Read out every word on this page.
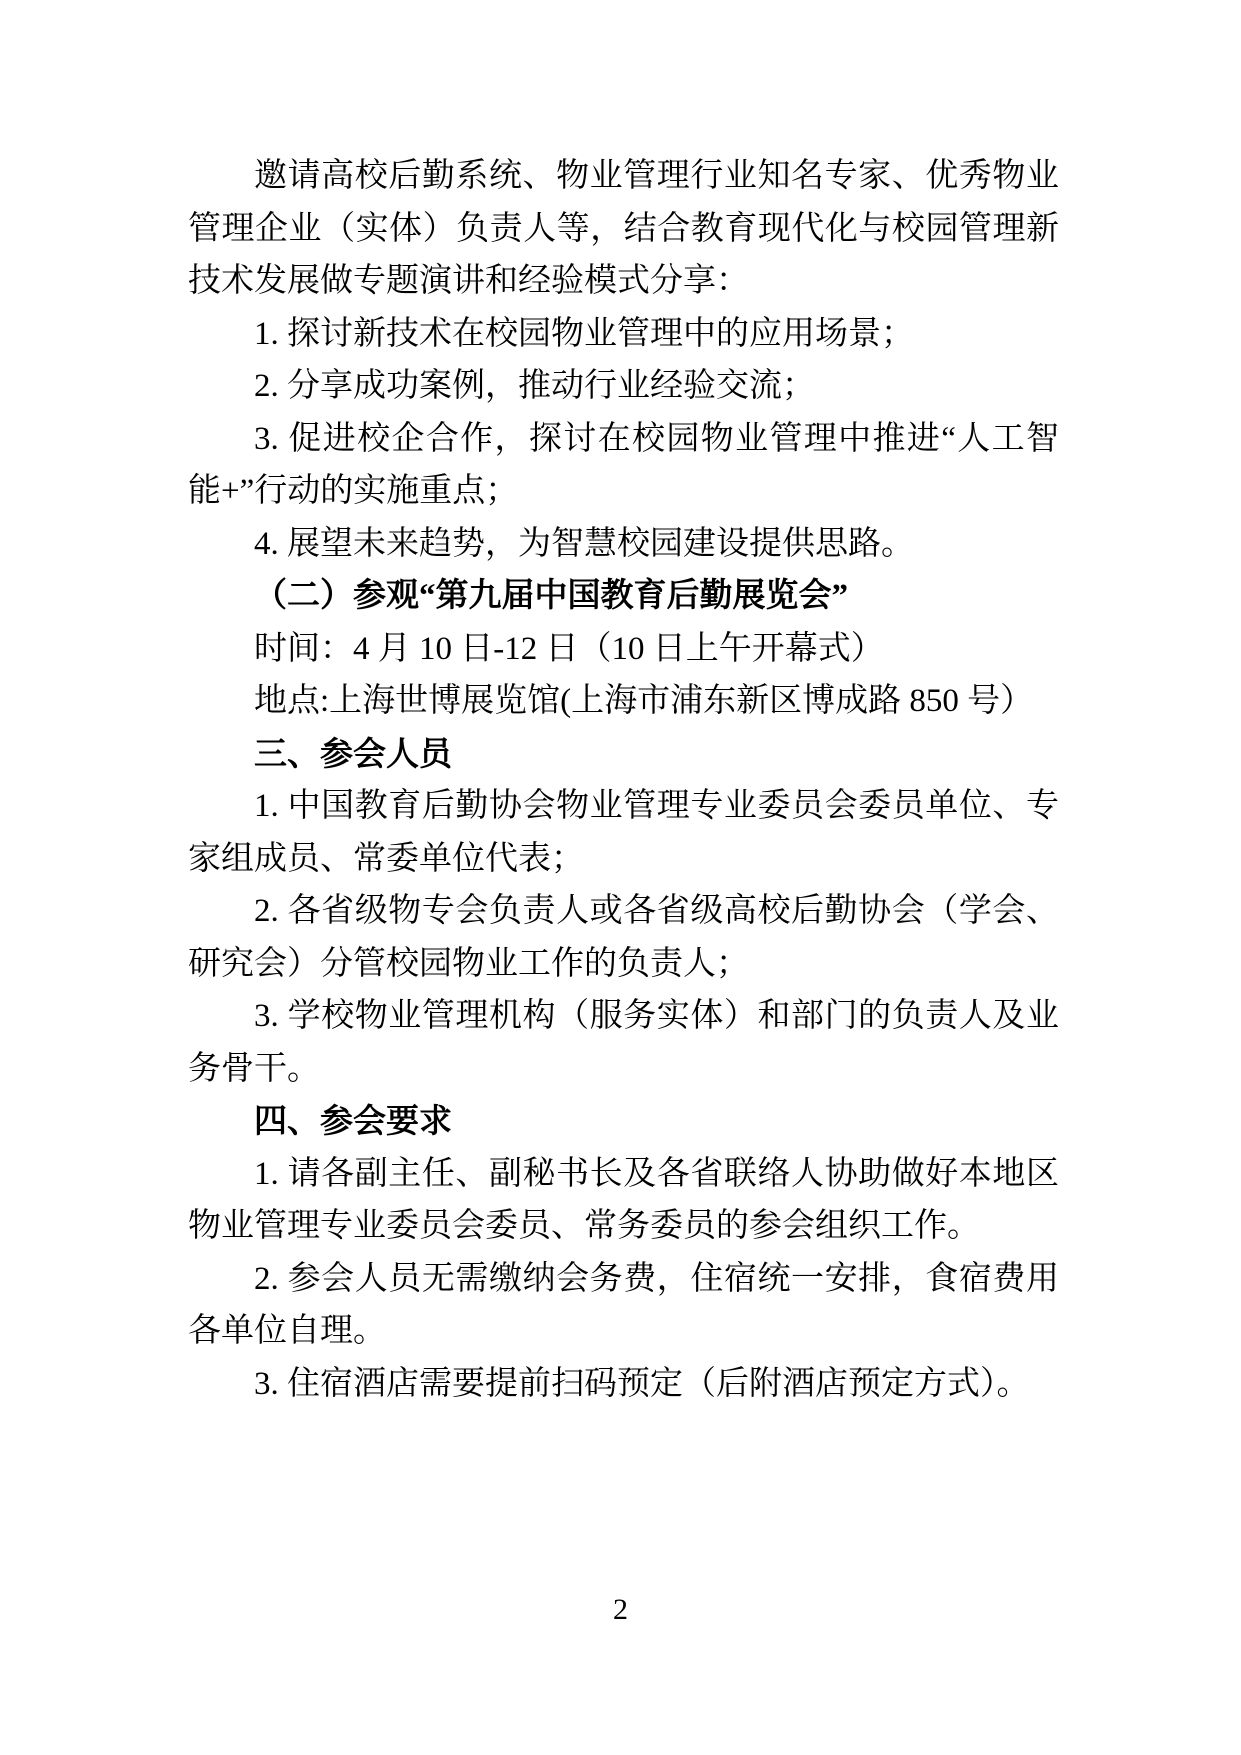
邀请高校后勤系统、物业管理行业知名专家、优秀物业管理企业（实体）负责人等，结合教育现代化与校园管理新技术发展做专题演讲和经验模式分享：

1. 探讨新技术在校园物业管理中的应用场景；

2. 分享成功案例，推动行业经验交流；

3. 促进校企合作，探讨在校园物业管理中推进“人工智能+”行动的实施重点；

4. 展望未来趋势，为智慧校园建设提供思路。

（二）参观“第九届中国教育后勤展览会”

时间：4 月 10 日-12 日（10 日上午开幕式）

地点:上海世博展览馆(上海市浦东新区博成路 850 号）

三、参会人员

1. 中国教育后勤协会物业管理专业委员会委员单位、专家组成员、常委单位代表；

2. 各省级物专会负责人或各省级高校后勤协会（学会、研究会）分管校园物业工作的负责人；

3. 学校物业管理机构（服务实体）和部门的负责人及业务骨干。

四、参会要求

1. 请各副主任、副秘书长及各省联络人协助做好本地区物业管理专业委员会委员、常务委员的参会组织工作。

2. 参会人员无需缴纳会务费，住宿统一安排，食宿费用各单位自理。

3. 住宿酒店需要提前扫码预定（后附酒店预定方式）。

2
